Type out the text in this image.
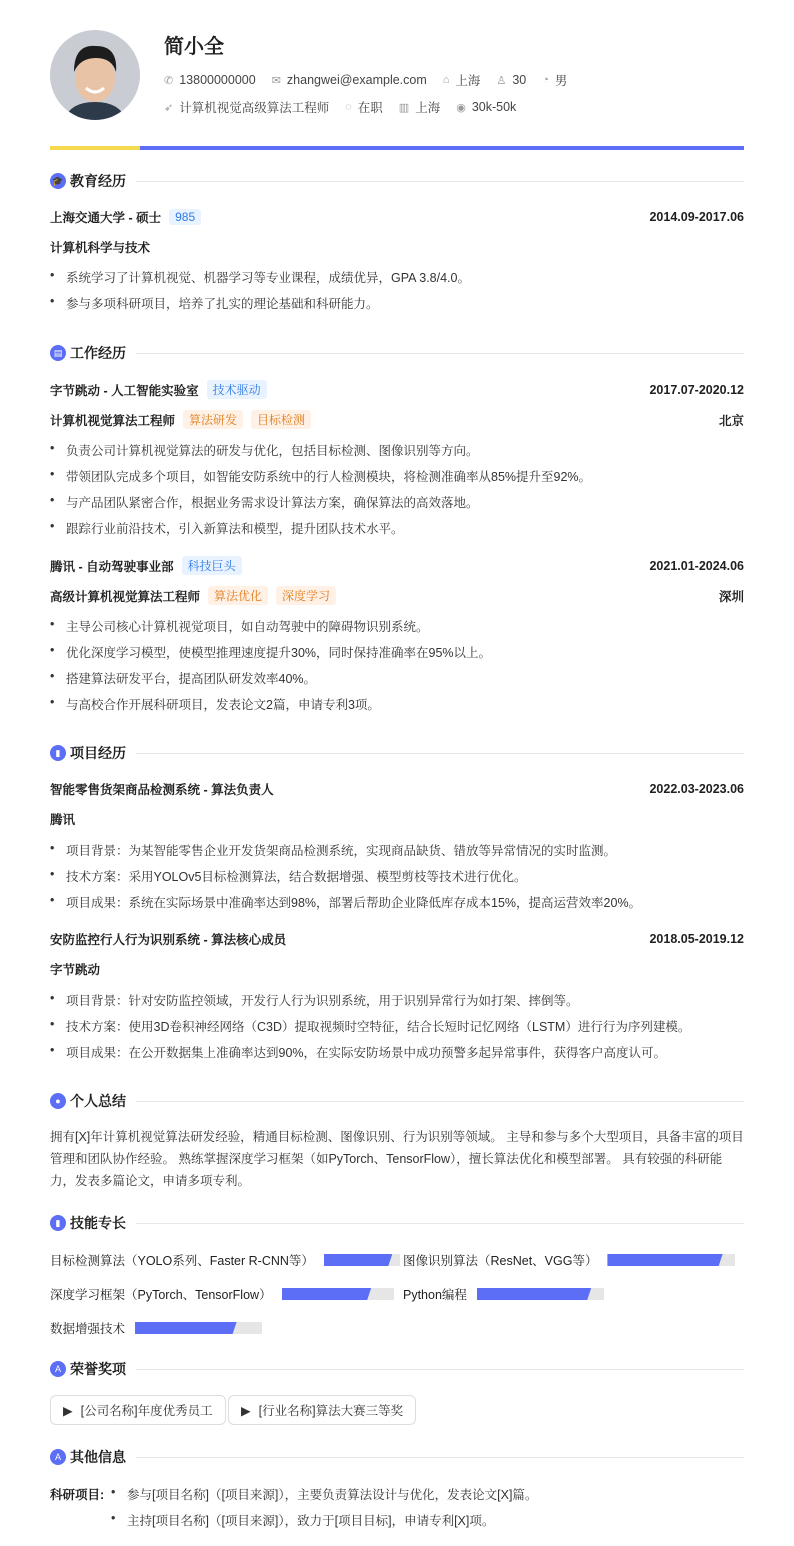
简小全
✆ 13800000000 ✉ zhangwei@example.com ⌂ 上海 ♙ 30 ◔ 男
➶ 计算机视觉高级算法工程师 ◌ 在职 ▥ 上海 ◉ 30k-50k
🎓 教育经历
上海交通大学 - 硕士	985	2014.09-2017.06
计算机科学与技术
• 系统学习了计算机视觉、机器学习等专业课程，成绩优异，GPA 3.8/4.0。
• 参与多项科研项目，培养了扎实的理论基础和科研能力。
▤ 工作经历
字节跳动 - 人工智能实验室	技术驱动	2017.07-2020.12
计算机视觉算法工程师	算法研发	目标检测	北京
• 负责公司计算机视觉算法的研发与优化，包括目标检测、图像识别等方向。
• 带领团队完成多个项目，如智能安防系统中的行人检测模块，将检测准确率从85%提升至92%。
• 与产品团队紧密合作，根据业务需求设计算法方案，确保算法的高效落地。
• 跟踪行业前沿技术，引入新算法和模型，提升团队技术水平。
腾讯 - 自动驾驶事业部	科技巨头	2021.01-2024.06
高级计算机视觉算法工程师	算法优化	深度学习	深圳
• 主导公司核心计算机视觉项目，如自动驾驶中的障碍物识别系统。
• 优化深度学习模型，使模型推理速度提升30%，同时保持准确率在95%以上。
• 搭建算法研发平台，提高团队研发效率40%。
• 与高校合作开展科研项目，发表论文2篇，申请专利3项。
▮ 项目经历
智能零售货架商品检测系统 - 算法负责人	2022.03-2023.06
腾讯
• 项目背景：为某智能零售企业开发货架商品检测系统，实现商品缺货、错放等异常情况的实时监测。
• 技术方案：采用YOLOv5目标检测算法，结合数据增强、模型剪枝等技术进行优化。
• 项目成果：系统在实际场景中准确率达到98%，部署后帮助企业降低库存成本15%，提高运营效率20%。
安防监控行人行为识别系统 - 算法核心成员	2018.05-2019.12
字节跳动
• 项目背景：针对安防监控领域，开发行人行为识别系统，用于识别异常行为如打架、摔倒等。
• 技术方案：使用3D卷积神经网络（C3D）提取视频时空特征，结合长短时记忆网络（LSTM）进行行为序列建模。
• 项目成果：在公开数据集上准确率达到90%，在实际安防场景中成功预警多起异常事件，获得客户高度认可。
● 个人总结
拥有[X]年计算机视觉算法研发经验，精通目标检测、图像识别、行为识别等领域。 主导和参与多个大型项目，具备丰富的项目管理和团队协作经验。 熟练掌握深度学习框架（如PyTorch、TensorFlow），擅长算法优化和模型部署。 具有较强的科研能力，发表多篇论文，申请多项专利。
▮ 技能专长
目标检测算法（YOLO系列、Faster R-CNN等）	图像识别算法（ResNet、VGG等）
深度学习框架（PyTorch、TensorFlow）	Python编程
数据增强技术
A 荣誉奖项
▶ [公司名称]年度优秀员工 ▶ [行业名称]算法大赛三等奖
A 其他信息
科研项目:	• 参与[项目名称]（[项目来源]），主要负责算法设计与优化，发表论文[X]篇。
• 主持[项目名称]（[项目来源]），致力于[项目目标]，申请专利[X]项。
